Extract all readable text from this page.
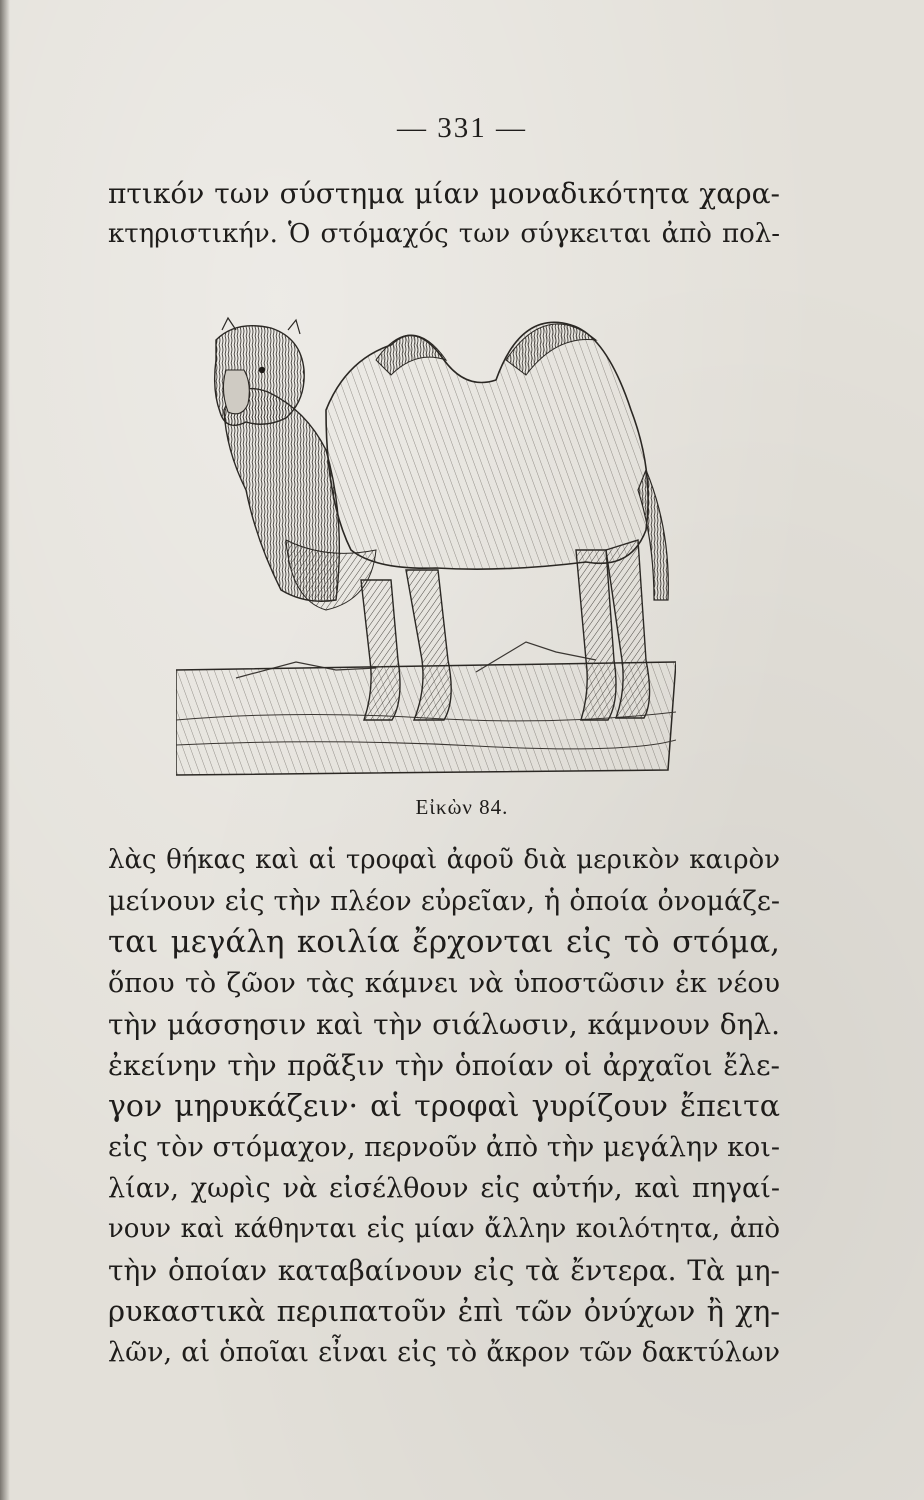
— 331 —
πτικόν των σύστημα μίαν μοναδικότητα χαρα-
κτηριστικήν. Ὁ στόμαχός των σύγκειται ἀπὸ πολ-
Εἰκὼν 84.
λὰς θήκας καὶ αἱ τροφαὶ ἀφοῦ διὰ μερικὸν καιρὸν
μείνουν εἰς τὴν πλέον εὐρεῖαν, ἡ ὁποία ὀνομάζε-
ται μεγάλη κοιλία ἔρχονται εἰς τὸ στόμα,
ὅπου τὸ ζῶον τὰς κάμνει νὰ ὑποστῶσιν ἐκ νέου
τὴν μάσσησιν καὶ τὴν σιάλωσιν, κάμνουν δηλ.
ἐκείνην τὴν πρᾶξιν τὴν ὁποίαν οἱ ἀρχαῖοι ἔλε-
γον μηρυκάζειν· αἱ τροφαὶ γυρίζουν ἔπειτα
εἰς τὸν στόμαχον, περνοῦν ἀπὸ τὴν μεγάλην κοι-
λίαν, χωρὶς νὰ εἰσέλθουν εἰς αὐτήν, καὶ πηγαί-
νουν καὶ κάθηνται εἰς μίαν ἄλλην κοιλότητα, ἀπὸ
τὴν ὁποίαν καταβαίνουν εἰς τὰ ἔντερα. Τὰ μη-
ρυκαστικὰ περιπατοῦν ἐπὶ τῶν ὀνύχων ἢ χη-
λῶν, αἱ ὁποῖαι εἶναι εἰς τὸ ἄκρον τῶν δακτύλων
